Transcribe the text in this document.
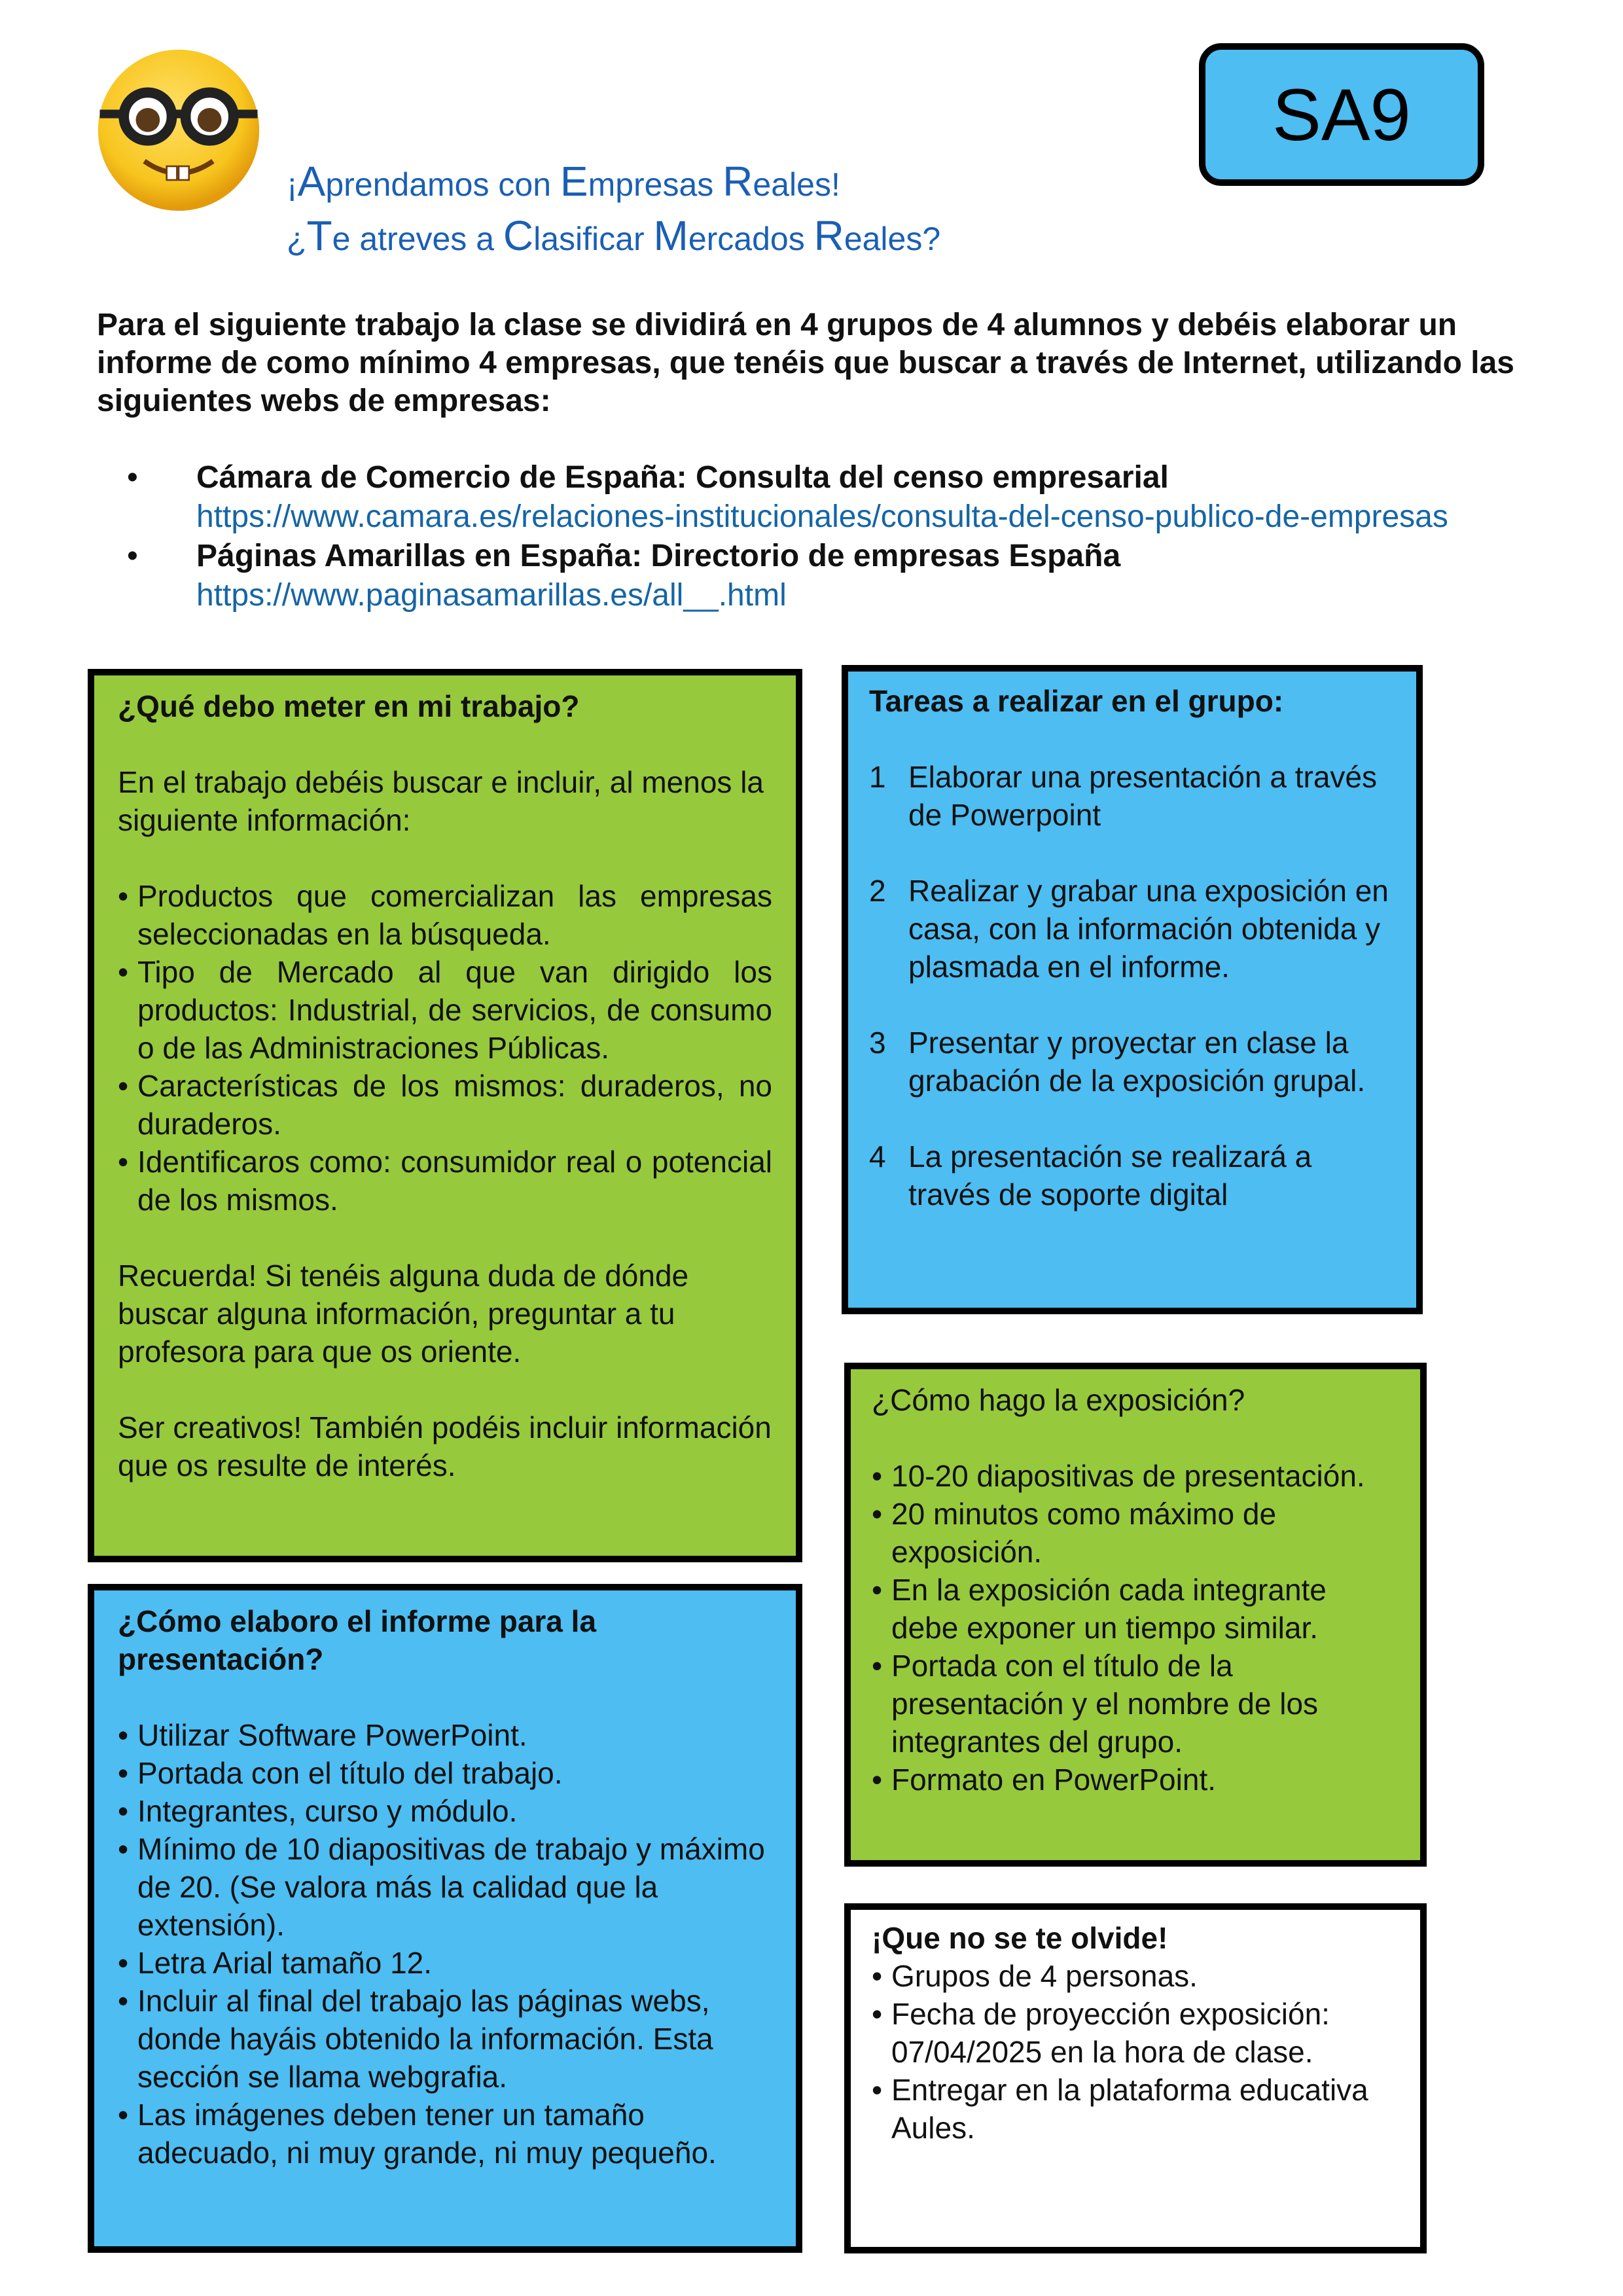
SA9
¡Aprendamos con Empresas Reales!
¿Te atreves a Clasificar Mercados Reales?
Para el siguiente trabajo la clase se dividirá en 4 grupos de 4 alumnos y debéis elaborar un informe de como mínimo 4 empresas, que tenéis que buscar a través de Internet, utilizando las siguientes webs de empresas:
• Cámara de Comercio de España: Consulta del censo empresarial
https://www.camara.es/relaciones-institucionales/consulta-del-censo-publico-de-empresas
• Páginas Amarillas en España: Directorio de empresas España
https://www.paginasamarillas.es/all__.html
¿Qué debo meter en mi trabajo?
En el trabajo debéis buscar e incluir, al menos la siguiente información:
• Productos que comercializan las empresas seleccionadas en la búsqueda.
• Tipo de Mercado al que van dirigido los productos: Industrial, de servicios, de consumo o de las Administraciones Públicas.
• Características de los mismos: duraderos, no duraderos.
• Identificaros como: consumidor real o potencial de los mismos.
Recuerda! Si tenéis alguna duda de dónde buscar alguna información, preguntar a tu profesora para que os oriente.
Ser creativos! También podéis incluir información que os resulte de interés.
Tareas a realizar en el grupo:
1 Elaborar una presentación a través de Powerpoint
2 Realizar y grabar una exposición en casa, con la información obtenida y plasmada en el informe.
3 Presentar y proyectar en clase la grabación de la exposición grupal.
4 La presentación se realizará a través de soporte digital
¿Cómo elaboro el informe para la presentación?
• Utilizar Software PowerPoint.
• Portada con el título del trabajo.
• Integrantes, curso y módulo.
• Mínimo de 10 diapositivas de trabajo y máximo de 20. (Se valora más la calidad que la extensión).
• Letra Arial tamaño 12.
• Incluir al final del trabajo las páginas webs, donde hayáis obtenido la información. Esta sección se llama webgrafia.
• Las imágenes deben tener un tamaño adecuado, ni muy grande, ni muy pequeño.
¿Cómo hago la exposición?
• 10-20 diapositivas de presentación.
• 20 minutos como máximo de exposición.
• En la exposición cada integrante debe exponer un tiempo similar.
• Portada con el título de la presentación y el nombre de los integrantes del grupo.
• Formato en PowerPoint.
¡Que no se te olvide!
• Grupos de 4 personas.
• Fecha de proyección exposición: 07/04/2025 en la hora de clase.
• Entregar en la plataforma educativa Aules.
